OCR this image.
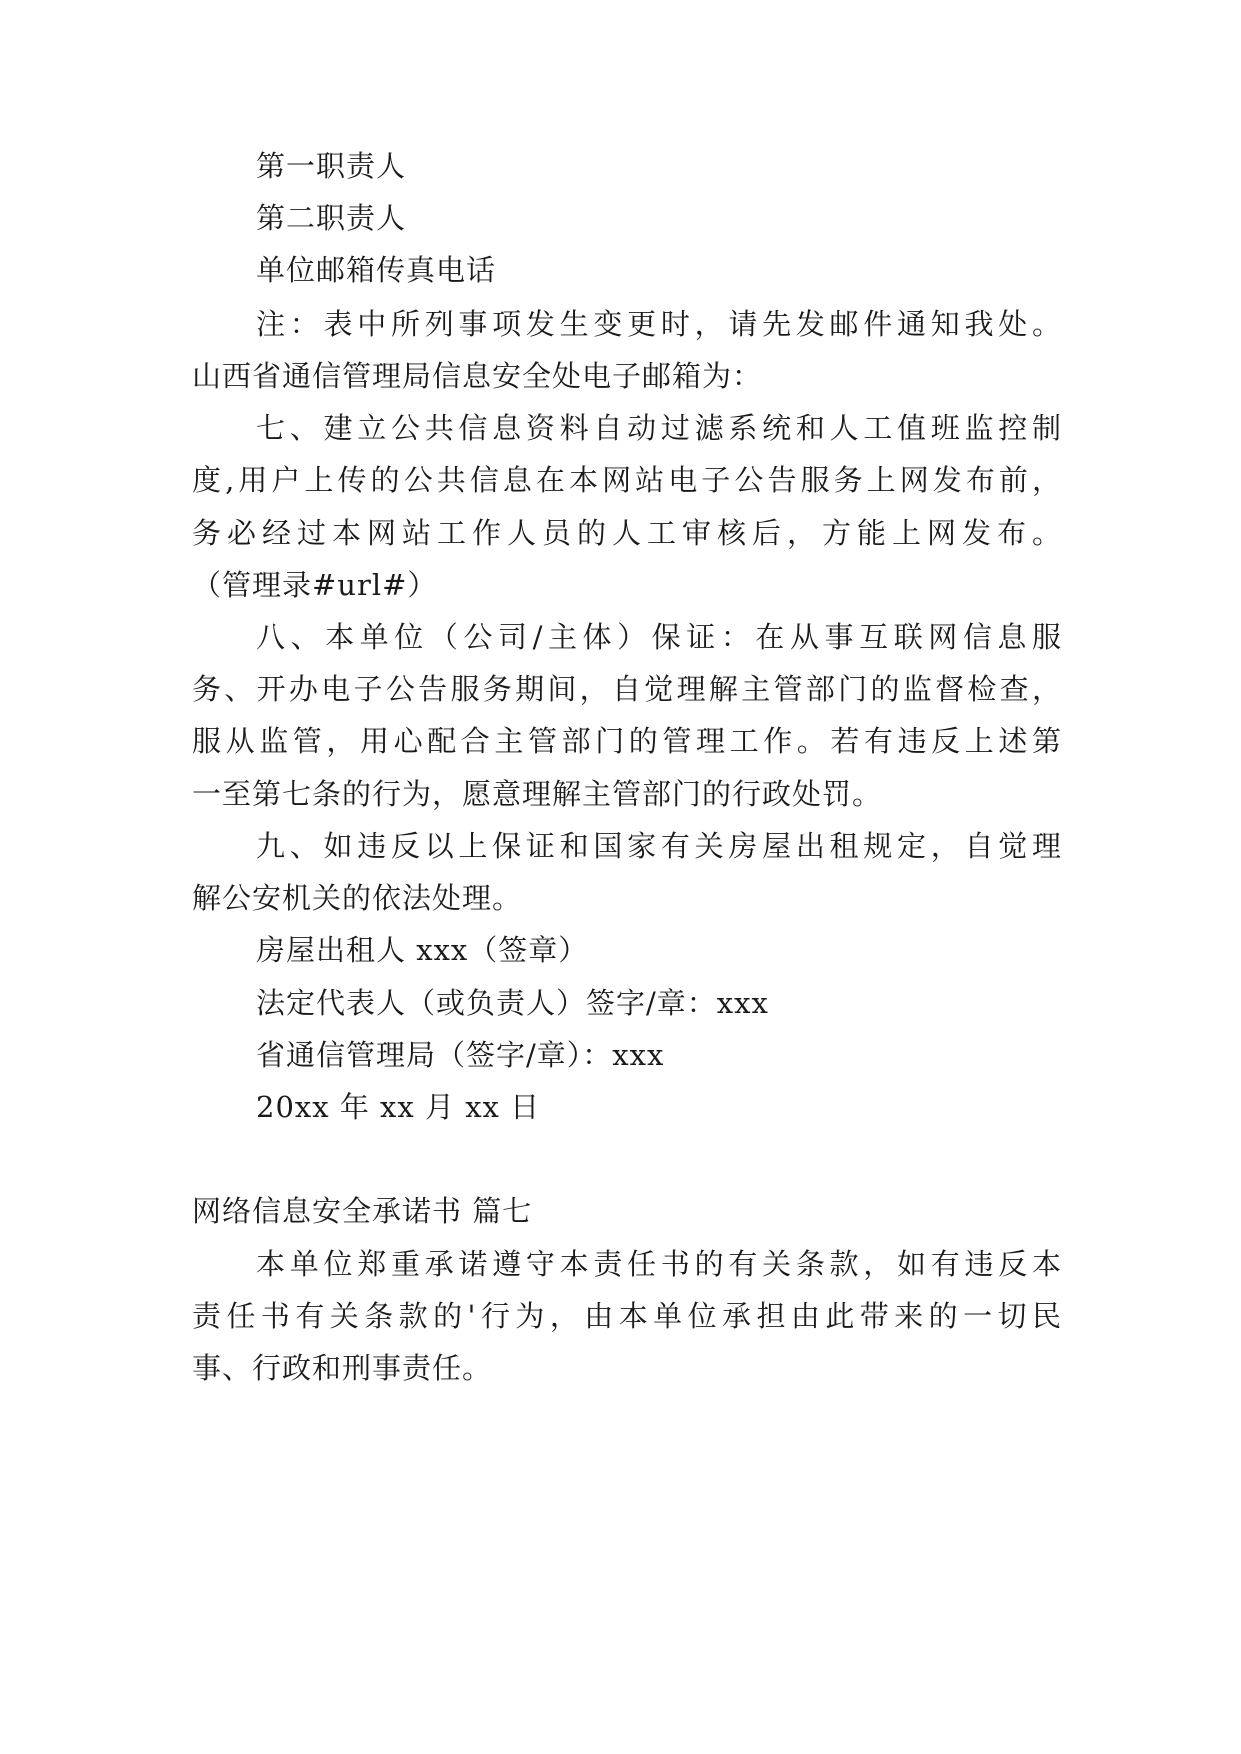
第一职责人
第二职责人
单位邮箱传真电话
注：表中所列事项发生变更时，请先发邮件通知我处。
山西省通信管理局信息安全处电子邮箱为：
七、建立公共信息资料自动过滤系统和人工值班监控制
度,用户上传的公共信息在本网站电子公告服务上网发布前，
务必经过本网站工作人员的人工审核后，方能上网发布。
（管理录#url#）
八、本单位（公司/主体）保证：在从事互联网信息服
务、开办电子公告服务期间，自觉理解主管部门的监督检查，
服从监管，用心配合主管部门的管理工作。若有违反上述第
一至第七条的行为，愿意理解主管部门的行政处罚。
九、如违反以上保证和国家有关房屋出租规定，自觉理
解公安机关的依法处理。
房屋出租人 xxx（签章）
法定代表人（或负责人）签字/章：xxx
省通信管理局（签字/章）：xxx
20xx 年 xx 月 xx 日
网络信息安全承诺书 篇七
本单位郑重承诺遵守本责任书的有关条款，如有违反本
责任书有关条款的'行为，由本单位承担由此带来的一切民
事、行政和刑事责任。
